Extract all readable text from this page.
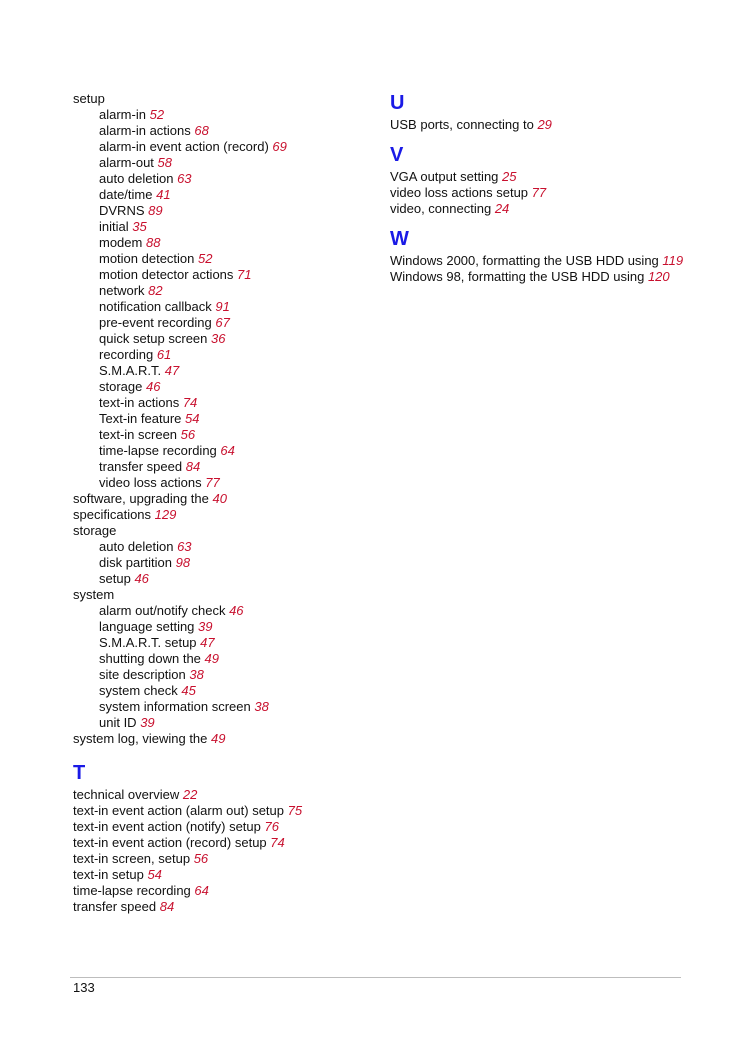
setup
alarm-in 52
alarm-in actions 68
alarm-in event action (record) 69
alarm-out 58
auto deletion 63
date/time 41
DVRNS 89
initial 35
modem 88
motion detection 52
motion detector actions 71
network 82
notification callback 91
pre-event recording 67
quick setup screen 36
recording 61
S.M.A.R.T. 47
storage 46
text-in actions 74
Text-in feature 54
text-in screen 56
time-lapse recording 64
transfer speed 84
video loss actions 77
software, upgrading the 40
specifications 129
storage
auto deletion 63
disk partition 98
setup 46
system
alarm out/notify check 46
language setting 39
S.M.A.R.T. setup 47
shutting down the 49
site description 38
system check 45
system information screen 38
unit ID 39
system log, viewing the 49
T
technical overview 22
text-in event action (alarm out) setup 75
text-in event action (notify) setup 76
text-in event action (record) setup 74
text-in screen, setup 56
text-in setup 54
time-lapse recording 64
transfer speed 84
U
USB ports, connecting to 29
V
VGA output setting 25
video loss actions setup 77
video, connecting 24
W
Windows 2000, formatting the USB HDD using 119
Windows 98, formatting the USB HDD using 120
133
